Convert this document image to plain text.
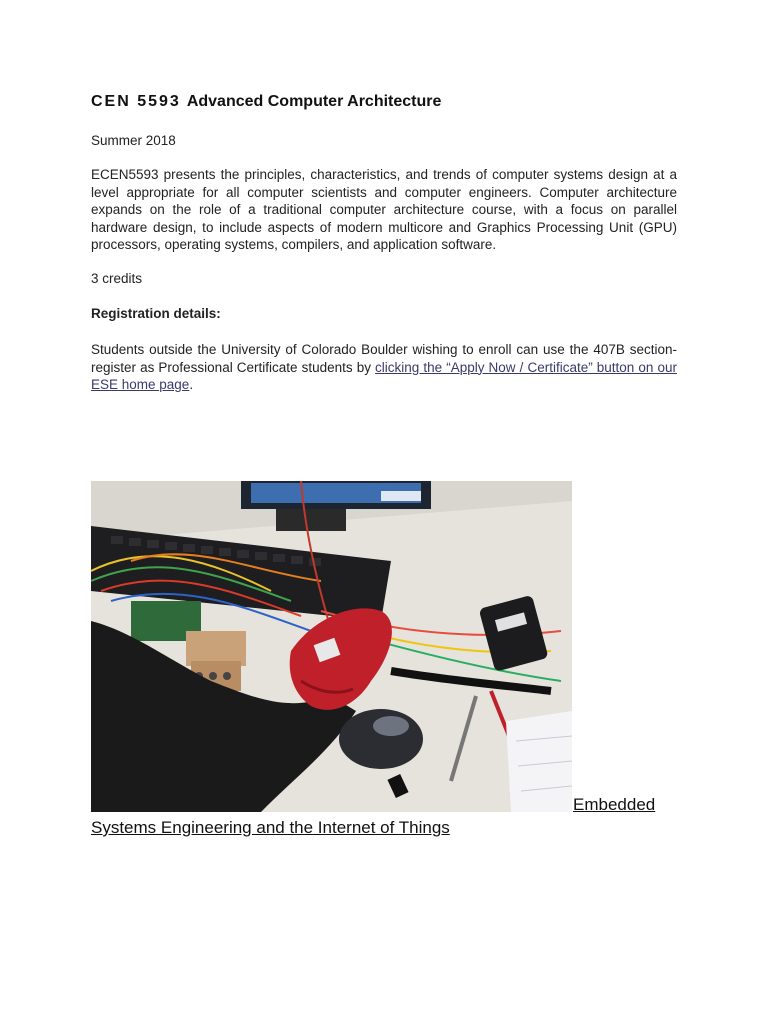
CEN 5593 Advanced Computer Architecture
Summer 2018
ECEN5593 presents the principles, characteristics, and trends of computer systems design at a level appropriate for all computer scientists and computer engineers. Computer architecture expands on the role of a traditional computer architecture course, with a focus on parallel hardware design, to include aspects of modern multicore and Graphics Processing Unit (GPU) processors, operating systems, compilers, and application software.
3 credits
Registration details:
Students outside the University of Colorado Boulder wishing to enroll can use the 407B section- register as Professional Certificate students by clicking the “Apply Now / Certificate” button on our ESE home page.
Embedded
Systems Engineering and the Internet of Things
